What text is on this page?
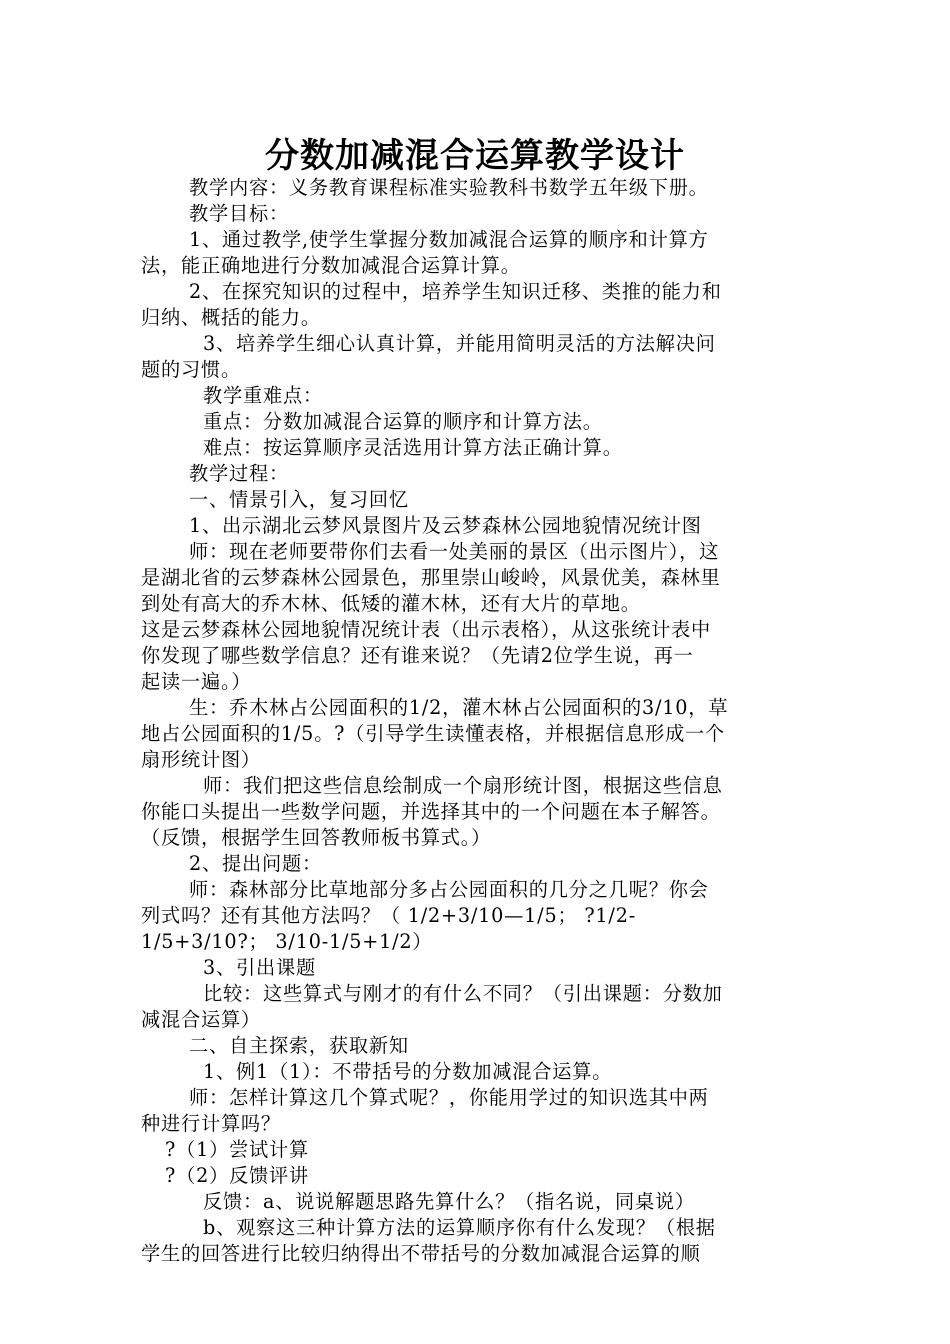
分数加减混合运算教学设计
教学内容：义务教育课程标准实验教科书数学五年级下册。
教学目标：
1、通过教学,使学生掌握分数加减混合运算的顺序和计算方
法，能正确地进行分数加减混合运算计算。
2、在探究知识的过程中，培养学生知识迁移、类推的能力和
归纳、概括的能力。
3、培养学生细心认真计算，并能用简明灵活的方法解决问
题的习惯。
教学重难点：
重点：分数加减混合运算的顺序和计算方法。
难点：按运算顺序灵活选用计算方法正确计算。
教学过程：
一、情景引入，复习回忆
1、出示湖北云梦风景图片及云梦森林公园地貌情况统计图
师：现在老师要带你们去看一处美丽的景区（出示图片），这
是湖北省的云梦森林公园景色，那里崇山峻岭，风景优美，森林里
到处有高大的乔木林、低矮的灌木林，还有大片的草地。
这是云梦森林公园地貌情况统计表（出示表格），从这张统计表中
你发现了哪些数学信息？还有谁来说？（先请2位学生说，再一
起读一遍。）
生：乔木林占公园面积的1/2，灌木林占公园面积的3/10，草
地占公园面积的1/5。?（引导学生读懂表格，并根据信息形成一个
扇形统计图）
师：我们把这些信息绘制成一个扇形统计图，根据这些信息
你能口头提出一些数学问题，并选择其中的一个问题在本子解答。
（反馈，根据学生回答教师板书算式。）
2、提出问题：
师：森林部分比草地部分多占公园面积的几分之几呢？你会
列式吗？还有其他方法吗？（ 1/2+3/10—1/5； ?1/2-
1/5+3/10?； 3/10-1/5+1/2）
3、引出课题
比较：这些算式与刚才的有什么不同？（引出课题：分数加
减混合运算）
二、自主探索，获取新知
1、例1（1）：不带括号的分数加减混合运算。
师：怎样计算这几个算式呢？，你能用学过的知识选其中两
种进行计算吗？
?（1）尝试计算
?（2）反馈评讲
反馈：a、说说解题思路先算什么？（指名说，同桌说）
b、观察这三种计算方法的运算顺序你有什么发现？（根据
学生的回答进行比较归纳得出不带括号的分数加减混合运算的顺
